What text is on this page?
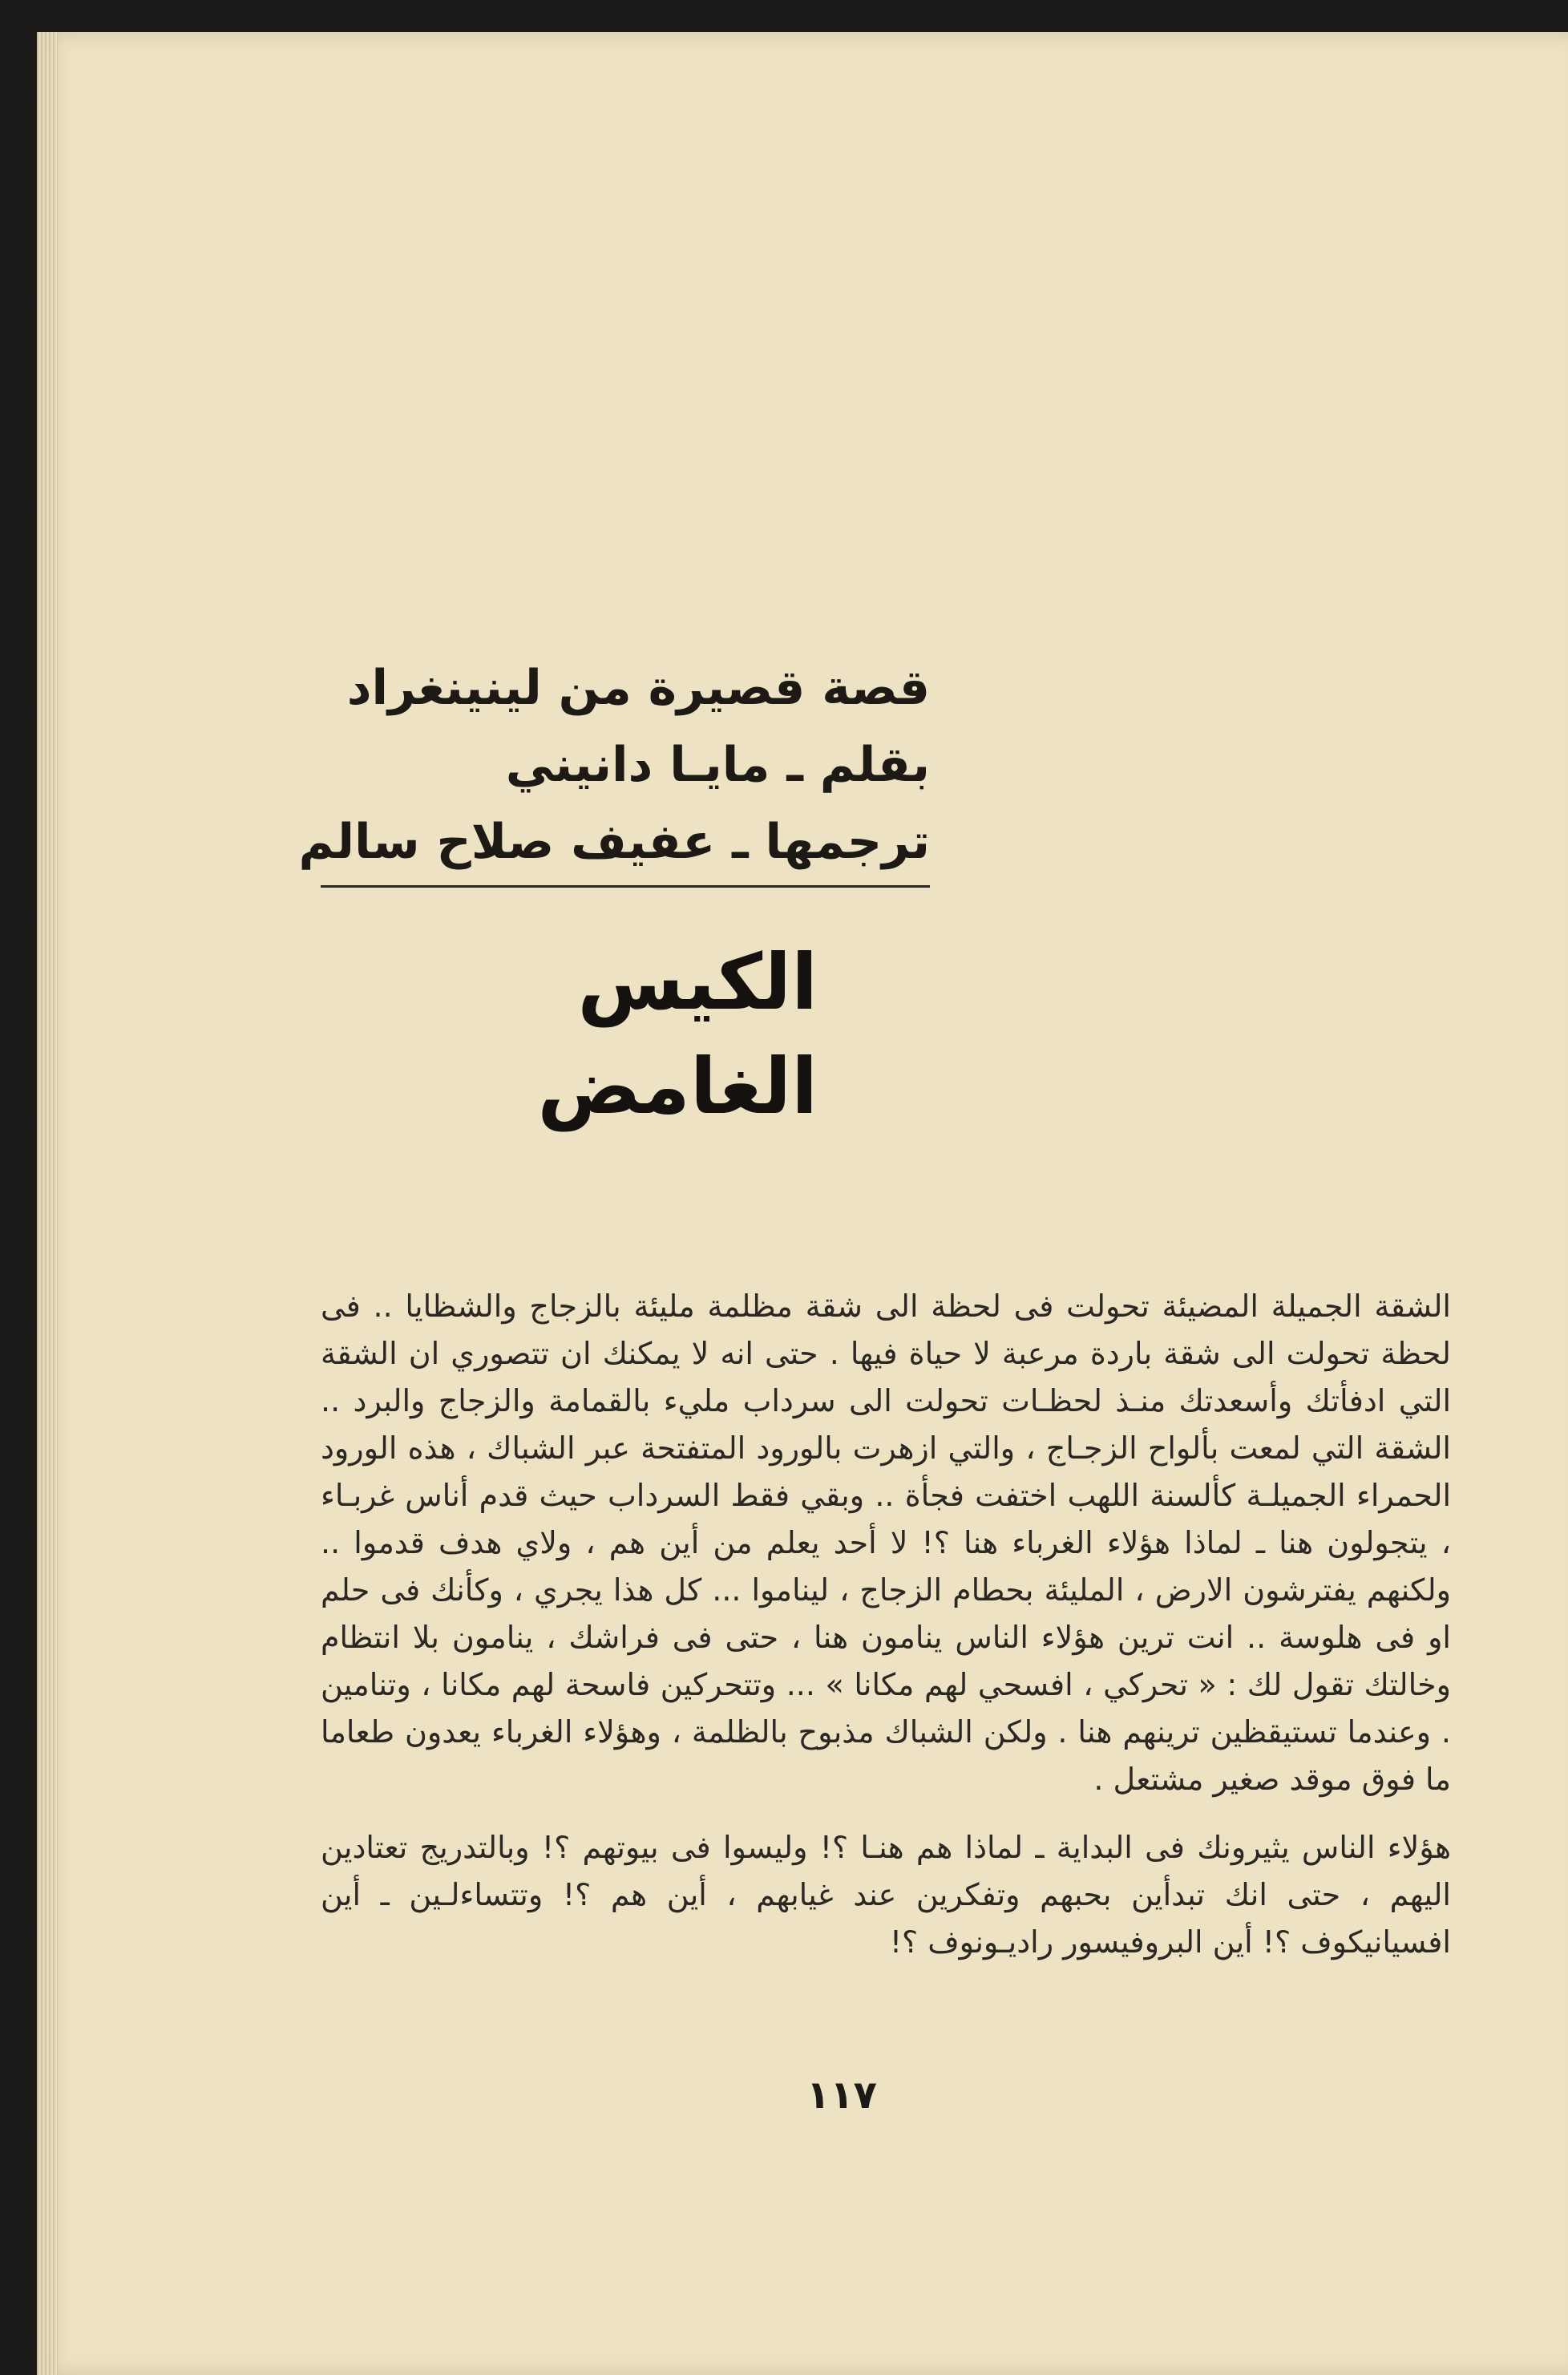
قصة قصيرة من لينينغراد
بقلم ـ مايـا دانيني
ترجمها ـ عفيف صلاح سالم
الكيس الغامض

الشقة الجميلة المضيئة تحولت فى لحظة الى شقة مظلمة مليئة بالزجاج والشظايا .. فى لحظة تحولت الى شقة باردة مرعبة لا حياة فيها . حتى انه لا يمكنك ان تتصوري ان الشقة التي ادفأتك وأسعدتك منـذ لحظـات تحولت الى سرداب مليء بالقمامة والزجاج والبرد .. الشقة التي لمعت بألواح الزجـاج ، والتي ازهرت بالورود المتفتحة عبر الشباك ، هذه الورود الحمراء الجميلـة كألسنة اللهب اختفت فجأة .. وبقي فقط السرداب حيث قدم أناس غربـاء ، يتجولون هنا ـ لماذا هؤلاء الغرباء هنا ؟! لا أحد يعلم من أين هم ، ولاي هدف قدموا .. ولكنهم يفترشون الارض ، المليئة بحطام الزجاج ، ليناموا ... كل هذا يجري ، وكأنك فى حلم او فى هلوسة .. انت ترين هؤلاء الناس ينامون هنا ، حتى فى فراشك ، ينامون بلا انتظام وخالتك تقول لك : « تحركي ، افسحي لهم مكانا » ... وتتحركين فاسحة لهم مكانا ، وتنامين . وعندما تستيقظين ترينهم هنا . ولكن الشباك مذبوح بالظلمة ، وهؤلاء الغرباء يعدون طعاما ما فوق موقد صغير مشتعل .

هؤلاء الناس يثيرونك فى البداية ـ لماذا هم هنـا ؟! وليسوا فى بيوتهم ؟! وبالتدريج تعتادين اليهم ، حتى انك تبدأين بحبهم وتفكرين عند غيابهم ، أين هم ؟! وتتساءلـين ـ أين افسيانيكوف ؟! أين البروفيسور راديـونوف ؟!

١١٧
